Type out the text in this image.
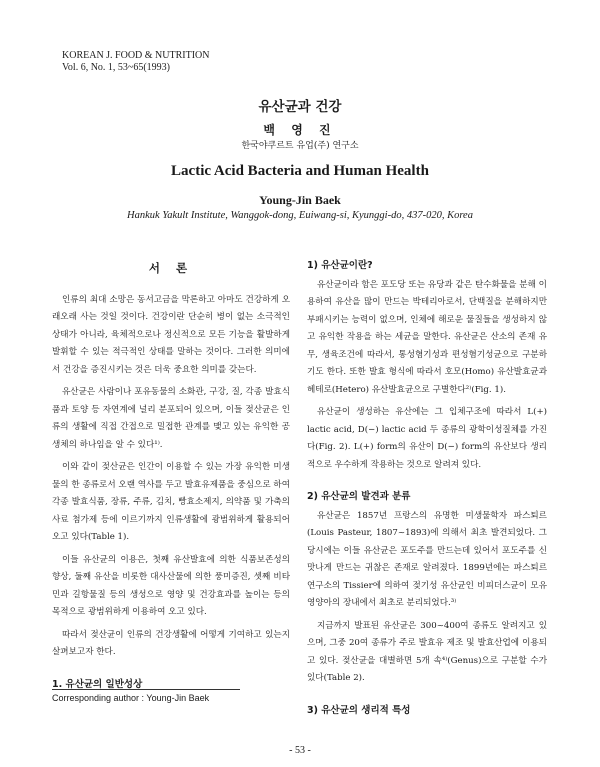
KOREAN J. FOOD & NUTRITION
Vol. 6, No. 1, 53~65(1993)
유산균과 건강
백 영 진
한국야쿠르트 유업(주) 연구소
Lactic Acid Bacteria and Human Health
Young-Jin Baek
Hankuk Yakult Institute, Wanggok-dong, Euiwang-si, Kyunggi-do, 437-020, Korea
서 론

인류의 최대 소망은 동서고금을 막론하고 아마도 건강하게 오래오래 사는 것일 것이다. 건강이란 단순히 병이 없는 소극적인 상태가 아니라, 육체적으로나 정신적으로 모든 기능을 활발하게 발휘할 수 있는 적극적인 상태를 말하는 것이다. 그러한 의미에서 건강을 증진시키는 것은 더욱 중요한 의미를 갖는다.

유산균은 사람이나 포유동물의 소화관, 구강, 질, 각종 발효식품과 토양 등 자연계에 널리 분포되어 있으며, 이들 젖산균은 인류의 생활에 직접 간접으로 밀접한 관계를 맺고 있는 유익한 공생체의 하나임을 알 수 있다¹⁾.

이와 같이 젖산균은 인간이 이용할 수 있는 가장 유익한 미생물의 한 종류로서 오랜 역사를 두고 발효유제품을 중심으로 하여 각종 발효식품, 장류, 주류, 김치, 빵효소제지, 의약품 및 가축의 사료 첨가제 등에 이르기까지 인류생활에 광범위하게 활용되어 오고 있다(Table 1).

이들 유산균의 이용은, 첫째 유산발효에 의한 식품보존성의 향상, 둘째 유산을 비롯한 대사산물에 의한 풍미증진, 셋째 비타민과 길항물질 등의 생성으로 영양 및 건강효과를 높이는 등의 목적으로 광범위하게 이용하여 오고 있다.

따라서 젖산균이 인류의 건강생활에 어떻게 기여하고 있는지 살펴보고자 한다.

1. 유산균의 일반성상
1) 유산균이란?

유산균이라 함은 포도당 또는 유당과 같은 탄수화물을 분해 이용하여 유산을 많이 만드는 박테리아로서, 단백질을 분해하지만 부패시키는 능력이 없으며, 인체에 해로운 물질들을 생성하지 않고 유익한 작용을 하는 세균을 말한다. 유산균은 산소의 존재 유무, 생육조건에 따라서, 통성혐기성과 편성혐기성균으로 구분하기도 한다. 또한 발효 형식에 따라서 호모(Homo) 유산발효균과 헤테로(Hetero) 유산발효균으로 구별한다²⁾(Fig. 1).

유산균이 생성하는 유산에는 그 입체구조에 따라서 L(+) lactic acid, D(−) lactic acid 두 종류의 광학이성질체를 가진다(Fig. 2). L(+) form의 유산이 D(−) form의 유산보다 생리적으로 우수하게 작용하는 것으로 알려져 있다.

2) 유산균의 발견과 분류

유산균은 1857년 프랑스의 유명한 미생물학자 파스퇴르(Louis Pasteur, 1807~1893)에 의해서 최초 발견되었다. 그 당시에는 이들 유산균은 포도주를 만드는데 있어서 포도주를 신맛나게 만드는 귀찮은 존재로 알려졌다. 1899년에는 파스퇴르 연구소의 Tissier에 의하여 젖기성 유산균인 비피더스균이 모유영양아의 장내에서 최초로 분리되었다.³⁾

지금까지 발표된 유산균은 300~400여 종류도 알려지고 있으며, 그중 20여 종류가 주로 발효유 제조 및 발효산업에 이용되고 있다. 젖산균을 대별하면 5개 속⁴⁾(Genus)으로 구분할 수가 있다(Table 2).

3) 유산균의 생리적 특성
Corresponding author : Young-Jin Baek
- 53 -
